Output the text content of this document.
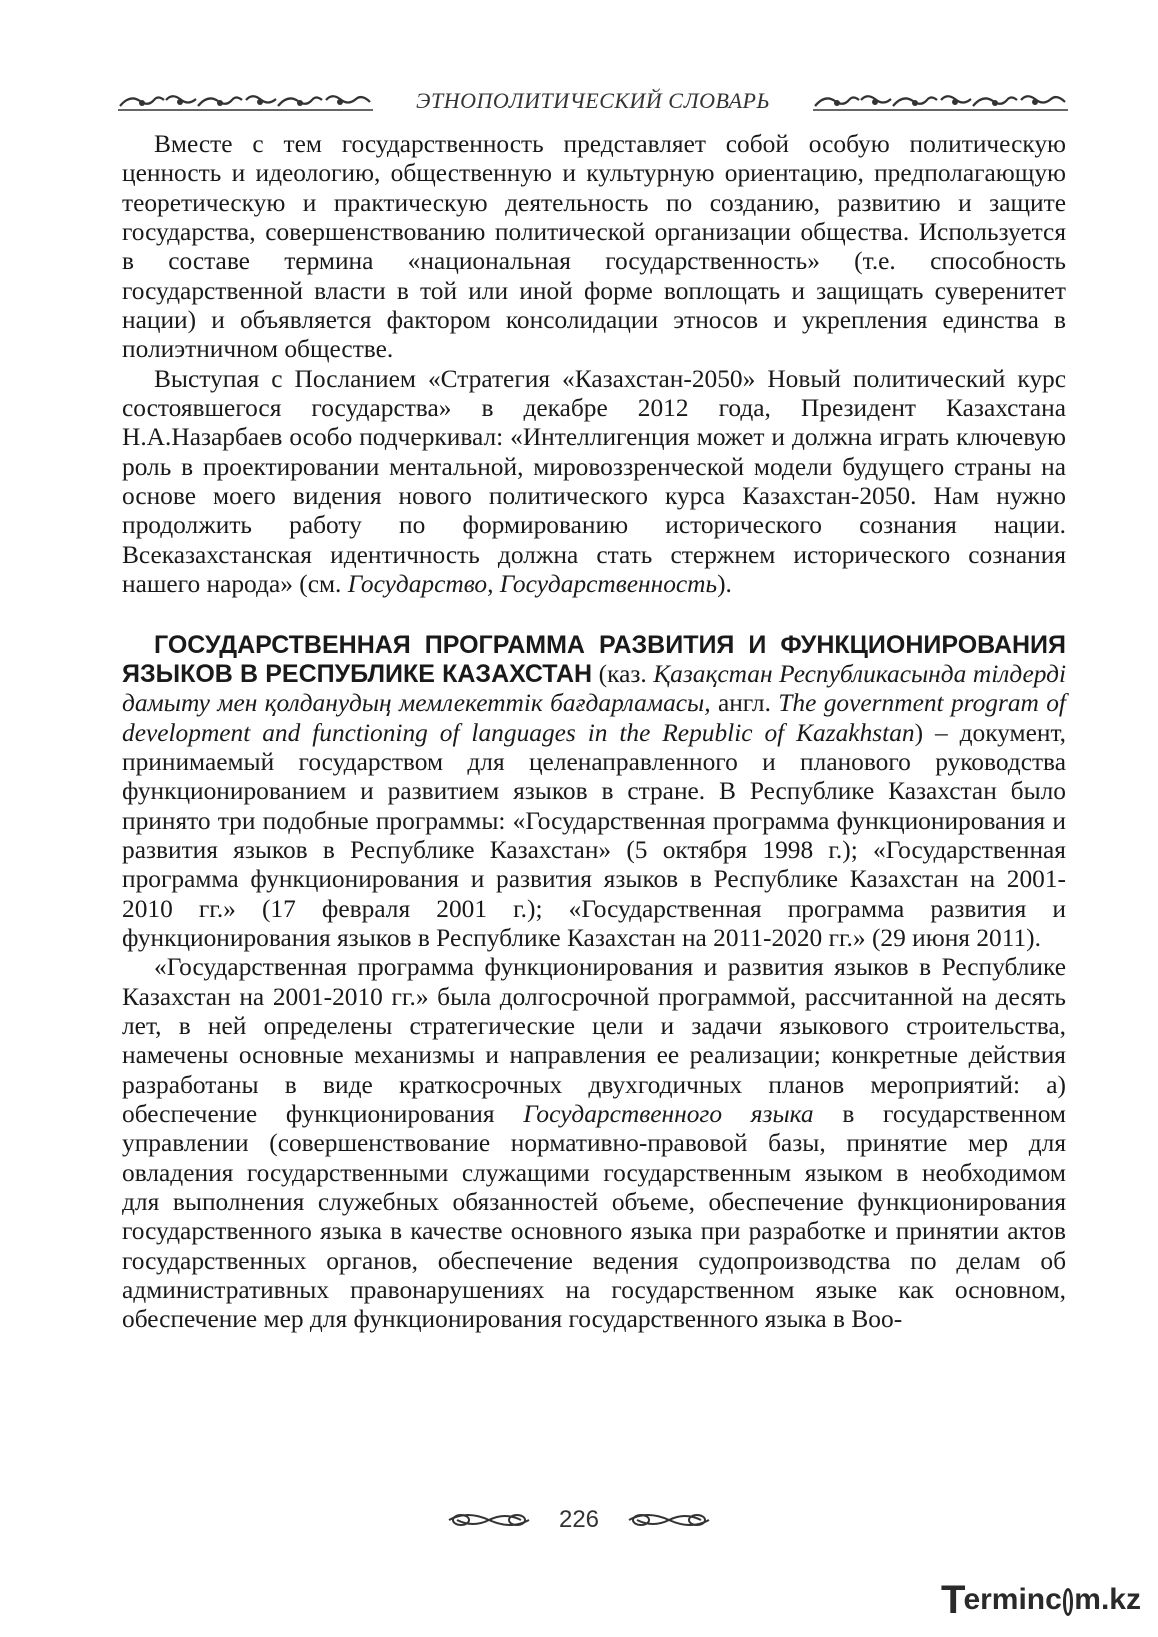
ЭТНОПОЛИТИЧЕСКИЙ СЛОВАРЬ

Вместе с тем государственность представляет собой особую политическую ценность и идеологию, общественную и культурную ориентацию, предполагающую теоретическую и практическую деятельность по созданию, развитию и защите государства, совершенствованию политической организации общества. Используется в составе термина «национальная государственность» (т.е. способность государственной власти в той или иной форме воплощать и защищать суверенитет нации) и объявляется фактором консолидации этносов и укрепления единства в полиэтничном обществе.

Выступая с Посланием «Стратегия «Казахстан-2050» Новый политический курс состоявшегося государства» в декабре 2012 года, Президент Казахстана Н.А.Назарбаев особо подчеркивал: «Интеллигенция может и должна играть ключевую роль в проектировании ментальной, мировоззренческой модели будущего страны на основе моего видения нового политического курса Казахстан-2050. Нам нужно продолжить работу по формированию исторического сознания нации. Всеказахстанская идентичность должна стать стержнем исторического сознания нашего народа» (см. Государство, Государственность).

ГОСУДАРСТВЕННАЯ ПРОГРАММА РАЗВИТИЯ И ФУНКЦИОНИРОВАНИЯ ЯЗЫКОВ В РЕСПУБЛИКЕ КАЗАХСТАН (каз. Қазақстан Республикасында тілдерді дамыту мен қолданудың мемлекеттік бағдарламасы, англ. The government program of development and functioning of languages in the Republic of Kazakhstan) – документ, принимаемый государством для целенаправленного и планового руководства функционированием и развитием языков в стране. В Республике Казахстан было принято три подобные программы: «Государственная программа функционирования и развития языков в Республике Казахстан» (5 октября 1998 г.); «Государственная программа функционирования и развития языков в Республике Казахстан на 2001-2010 гг.» (17 февраля 2001 г.); «Государственная программа развития и функционирования языков в Республике Казахстан на 2011-2020 гг.» (29 июня 2011).

«Государственная программа функционирования и развития языков в Республике Казахстан на 2001-2010 гг.» была долгосрочной программой, рассчитанной на десять лет, в ней определены стратегические цели и задачи языкового строительства, намечены основные механизмы и направления ее реализации; конкретные действия разработаны в виде краткосрочных двухгодичных планов мероприятий: а) обеспечение функционирования Государственного языка в государственном управлении (совершенствование нормативно-правовой базы, принятие мер для овладения государственными служащими государственным языком в необходимом для выполнения служебных обязанностей объеме, обеспечение функционирования государственного языка в качестве основного языка при разработке и принятии актов государственных органов, обеспечение ведения судопроизводства по делам об административных правонарушениях на государственном языке как основном, обеспечение мер для функционирования государственного языка в Воо-

226
T
ermin c m.kz
